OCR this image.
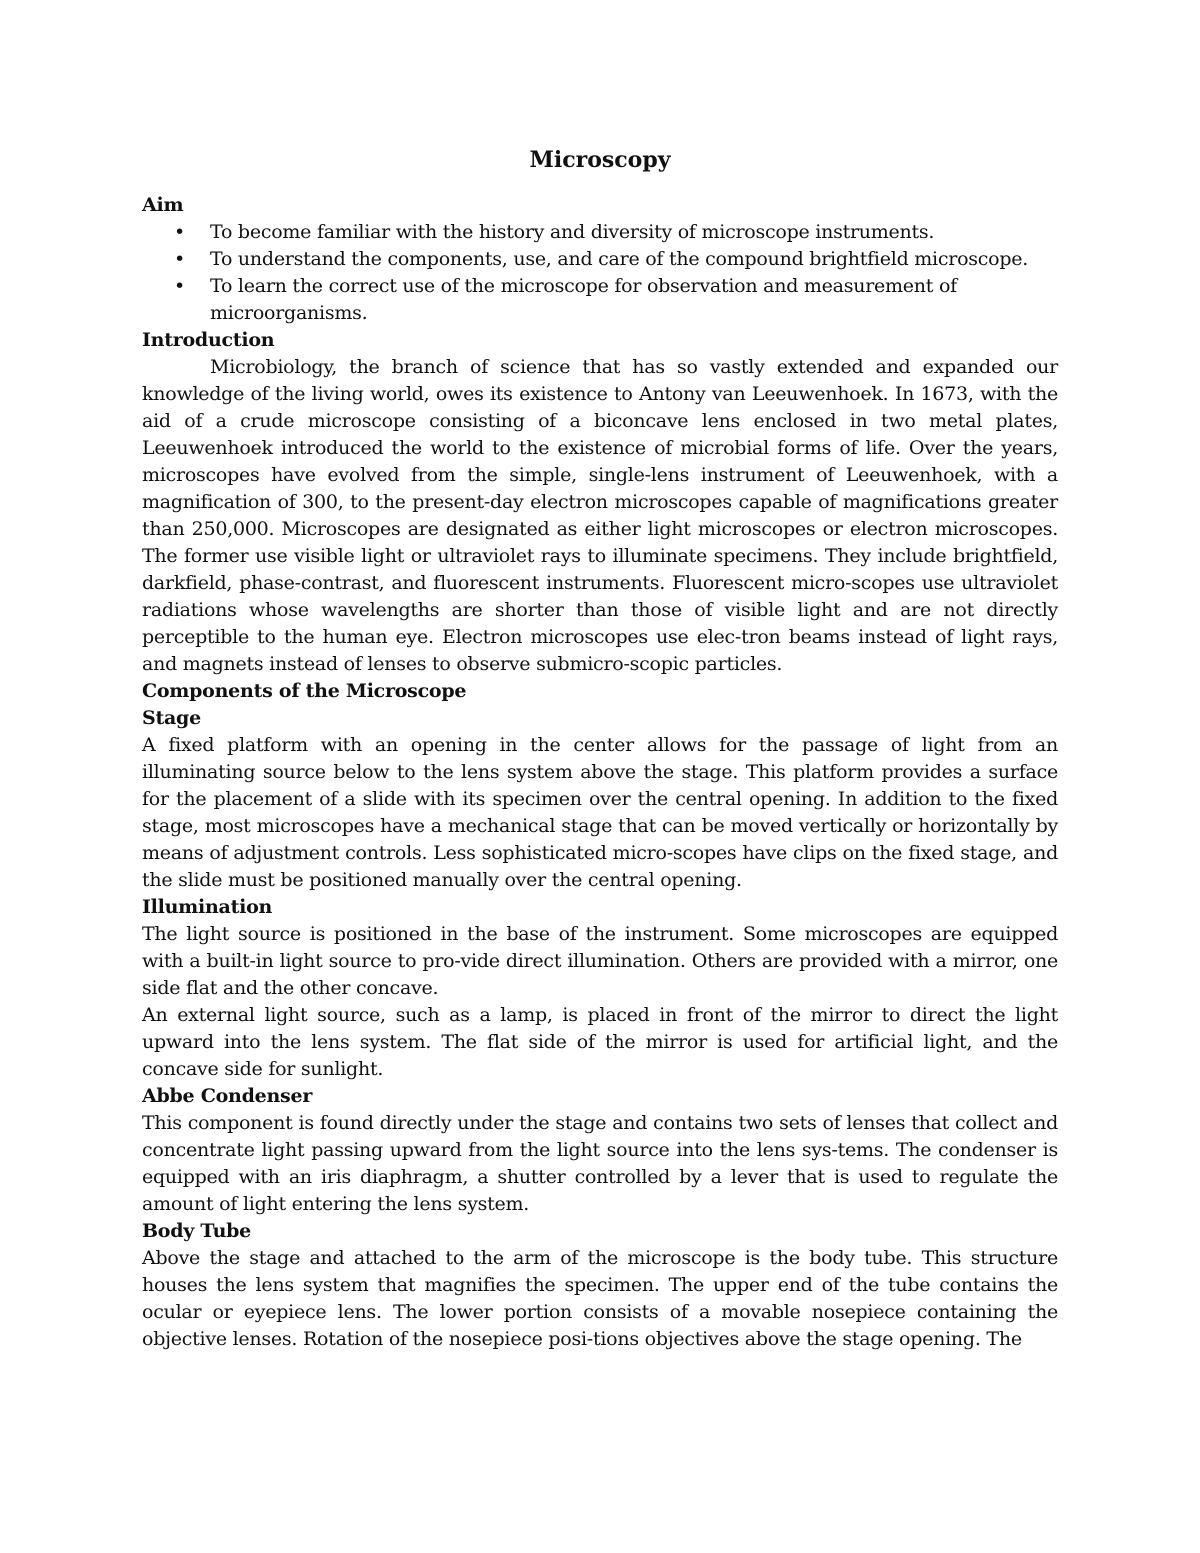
Microscopy
Aim
• To become familiar with the history and diversity of microscope instruments.
• To understand the components, use, and care of the compound brightfield microscope.
• To learn the correct use of the microscope for observation and measurement of microorganisms.
Introduction

Microbiology, the branch of science that has so vastly extended and expanded our knowledge of the living world, owes its existence to Antony van Leeuwenhoek. In 1673, with the aid of a crude microscope consisting of a biconcave lens enclosed in two metal plates, Leeuwenhoek introduced the world to the existence of microbial forms of life. Over the years, microscopes have evolved from the simple, single-lens instrument of Leeuwenhoek, with a magnification of 300, to the present-day electron microscopes capable of magnifications greater than 250,000. Microscopes are designated as either light microscopes or electron microscopes. The former use visible light or ultraviolet rays to illuminate specimens. They include brightfield, darkfield, phase-contrast, and fluorescent instruments. Fluorescent micro-scopes use ultraviolet radiations whose wavelengths are shorter than those of visible light and are not directly perceptible to the human eye. Electron microscopes use elec-tron beams instead of light rays, and magnets instead of lenses to observe submicro-scopic particles.

Components of the Microscope
Stage

A fixed platform with an opening in the center allows for the passage of light from an illuminating source below to the lens system above the stage. This platform provides a surface for the placement of a slide with its specimen over the central opening. In addition to the fixed stage, most microscopes have a mechanical stage that can be moved vertically or horizontally by means of adjustment controls. Less sophisticated micro-scopes have clips on the fixed stage, and the slide must be positioned manually over the central opening.

Illumination

The light source is positioned in the base of the instrument. Some microscopes are equipped with a built-in light source to pro-vide direct illumination. Others are provided with a mirror, one side flat and the other concave.

An external light source, such as a lamp, is placed in front of the mirror to direct the light upward into the lens system. The flat side of the mirror is used for artificial light, and the concave side for sunlight.

Abbe Condenser

This component is found directly under the stage and contains two sets of lenses that collect and concentrate light passing upward from the light source into the lens sys-tems. The condenser is equipped with an iris diaphragm, a shutter controlled by a lever that is used to regulate the amount of light entering the lens system.

Body Tube

Above the stage and attached to the arm of the microscope is the body tube. This structure houses the lens system that magnifies the specimen. The upper end of the tube contains the ocular or eyepiece lens. The lower portion consists of a movable nosepiece containing the objective lenses. Rotation of the nosepiece posi-tions objectives above the stage opening. The
